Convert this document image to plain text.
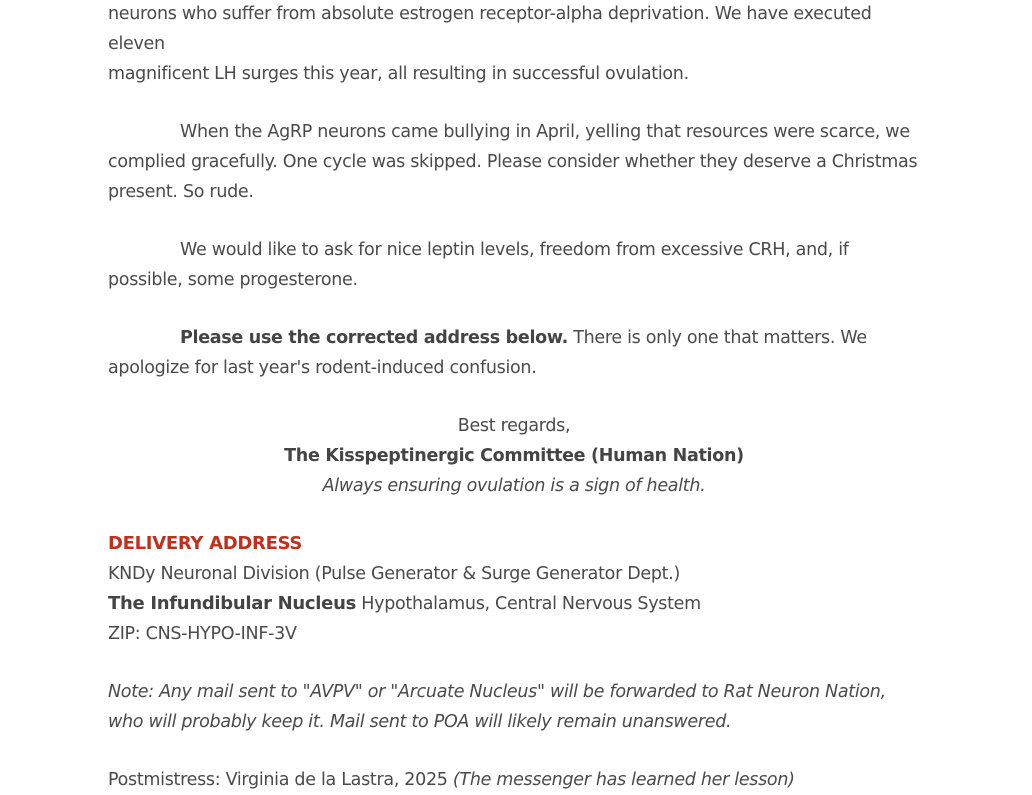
neurons who suffer from absolute estrogen receptor-alpha deprivation. We have executed eleven
magnificent LH surges this year, all resulting in successful ovulation.

When the AgRP neurons came bullying in April, yelling that resources were scarce, we complied gracefully. One cycle was skipped. Please consider whether they deserve a Christmas present. So rude.

We would like to ask for nice leptin levels, freedom from excessive CRH, and, if possible, some progesterone.

Please use the corrected address below. There is only one that matters. We apologize for last year's rodent-induced confusion.

Best regards,

The Kisspeptinergic Committee (Human Nation)

Always ensuring ovulation is a sign of health.

DELIVERY ADDRESS

KNDy Neuronal Division (Pulse Generator & Surge Generator Dept.)

The Infundibular Nucleus Hypothalamus, Central Nervous System

ZIP: CNS-HYPO-INF-3V

Note: Any mail sent to "AVPV" or "Arcuate Nucleus" will be forwarded to Rat Neuron Nation, who will probably keep it. Mail sent to POA will likely remain unanswered.

Postmistress: Virginia de la Lastra, 2025 (The messenger has learned her lesson)
